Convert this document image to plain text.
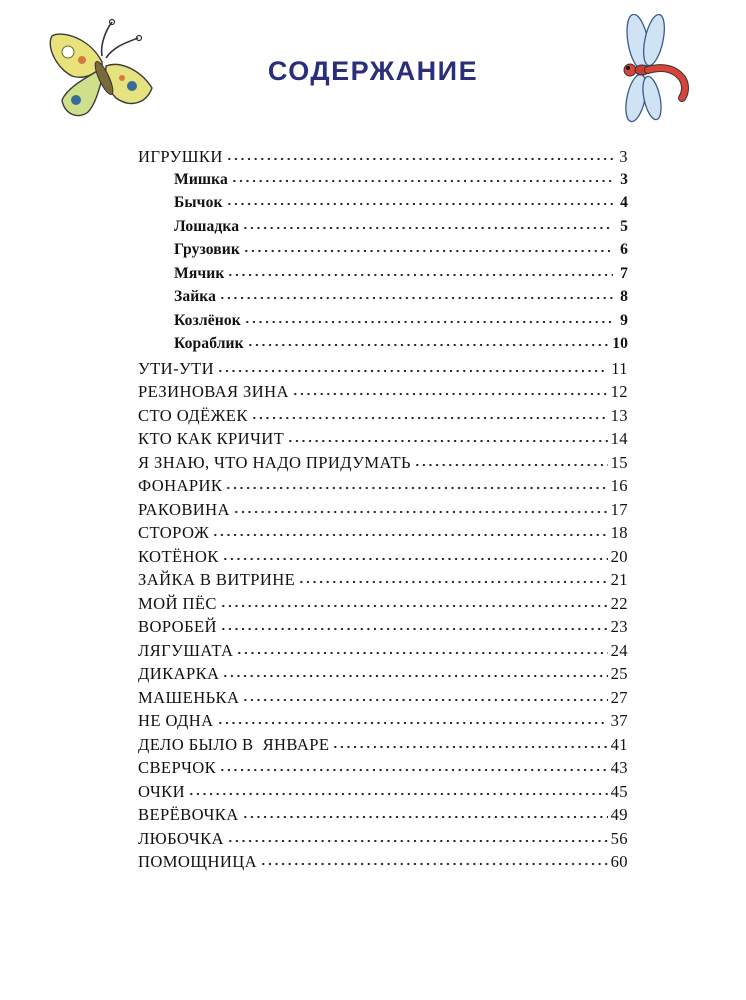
СОДЕРЖАНИЕ
ИГРУШКИ	3
Мишка	3
Бычок	4
Лошадка	5
Грузовик	6
Мячик	7
Зайка	8
Козлёнок	9
Кораблик	10
УТИ-УТИ	11
РЕЗИНОВАЯ ЗИНА	12
СТО ОДЁЖЕК	13
КТО КАК КРИЧИТ	14
Я ЗНАЮ, ЧТО НАДО ПРИДУМАТЬ	15
ФОНАРИК	16
РАКОВИНА	17
СТОРОЖ	18
КОТЁНОК	20
ЗАЙКА В ВИТРИНЕ	21
МОЙ ПЁС	22
ВОРОБЕЙ	23
ЛЯГУШАТА	24
ДИКАРКА	25
МАШЕНЬКА	27
НЕ ОДНА	37
ДЕЛО БЫЛО В  ЯНВАРЕ	41
СВЕРЧОК	43
ОЧКИ	45
ВЕРЁВОЧКА	49
ЛЮБОЧКА	56
ПОМОЩНИЦА	60
